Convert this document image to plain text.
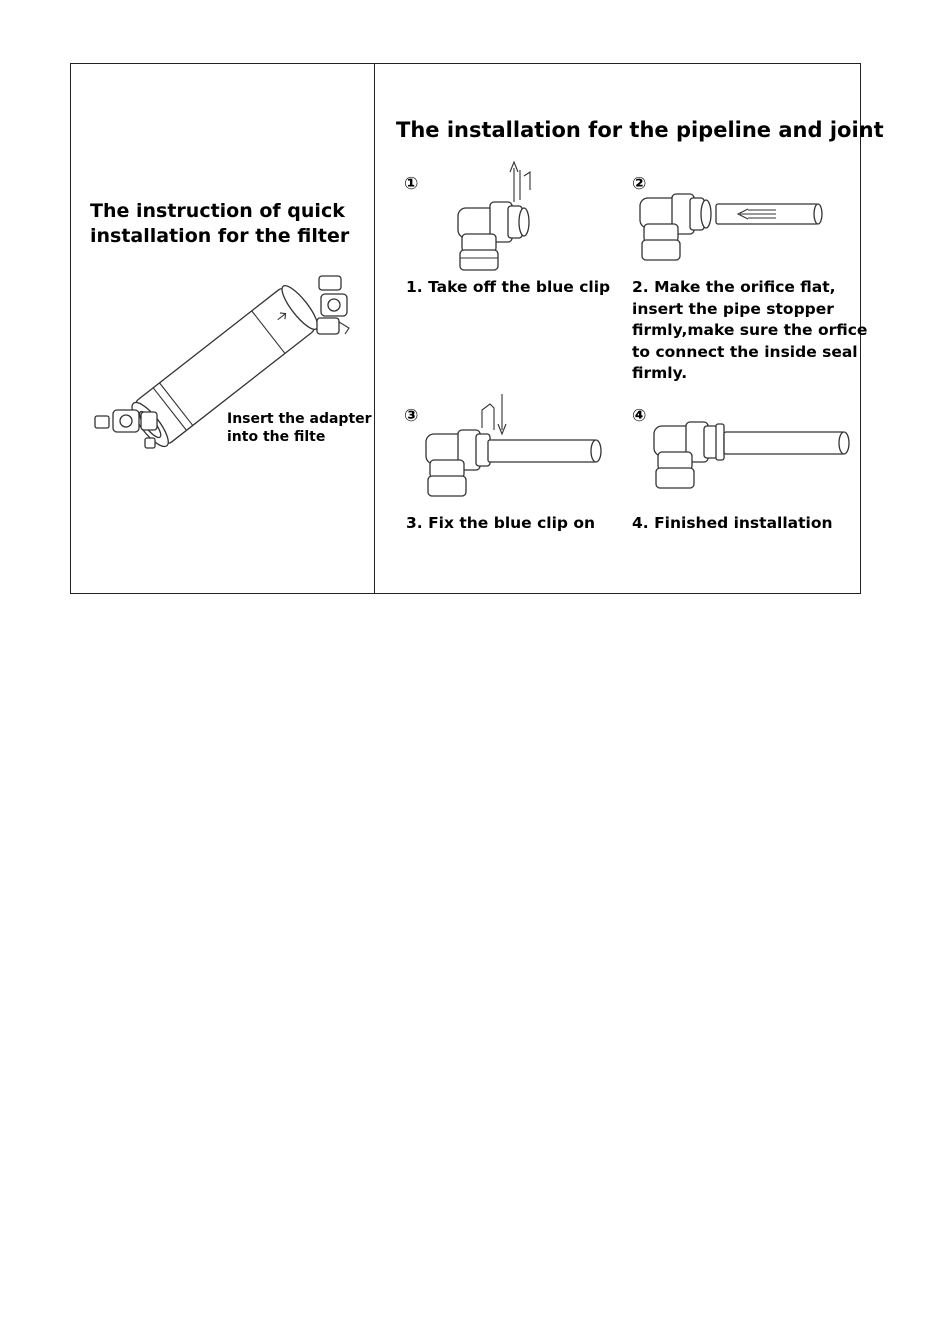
The instruction of quick
installation for the filter
Insert the adapter
into the filte
The installation for the pipeline and joint
①
1. Take off the blue clip
②
2. Make the orifice flat,
insert the pipe stopper
firmly,make sure the orfice
to connect the inside seal
firmly.
③
3. Fix the blue clip on
④
4. Finished installation
